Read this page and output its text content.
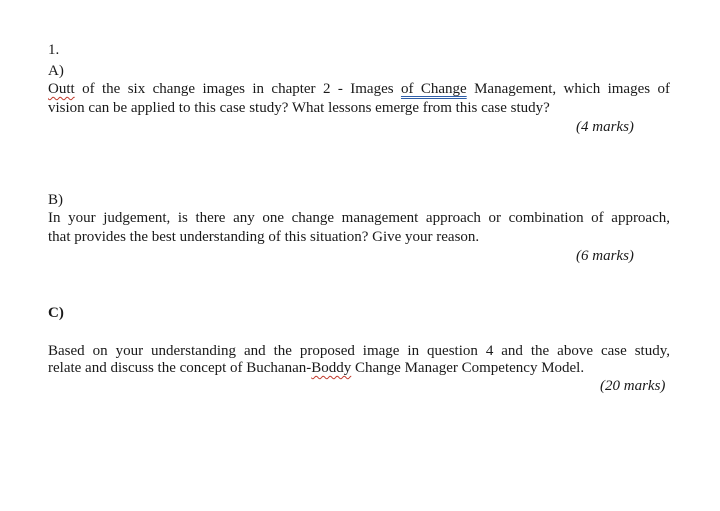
1.
A)
Outt of the six change images in chapter 2 - Images of Change Management, which images of
vision can be applied to this case study? What lessons emerge from this case study?
(4 marks)
B)
In your judgement, is there any one change management approach or combination of approach,
that provides the best understanding of this situation? Give your reason.
(6 marks)
C)
Based on your understanding and the proposed image in question 4 and the above case study,
relate and discuss the concept of Buchanan-Boddy Change Manager Competency Model.
(20 marks)
